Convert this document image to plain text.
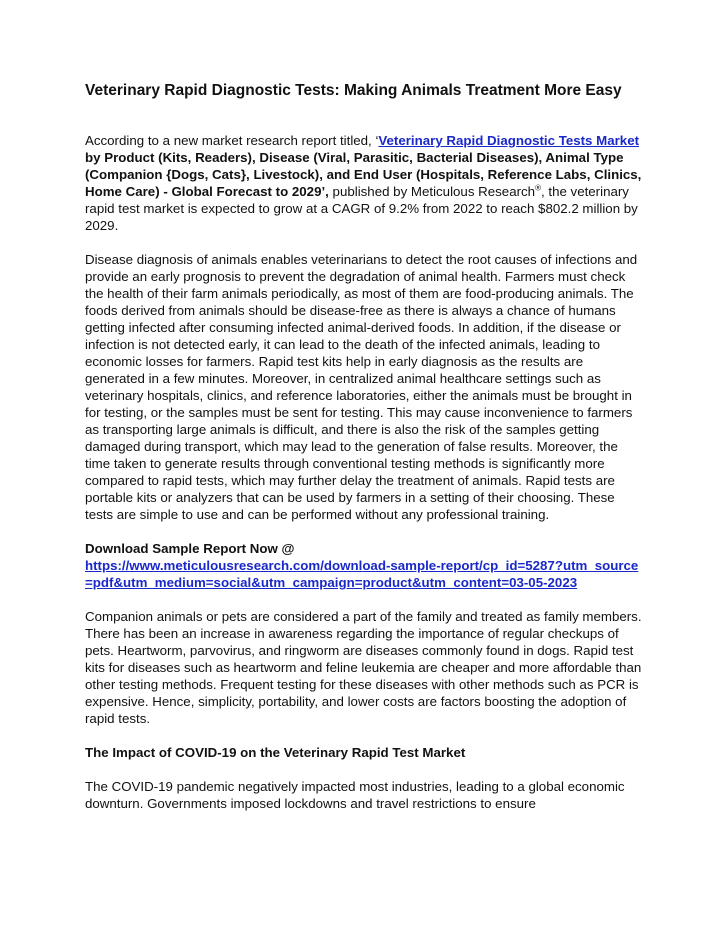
Veterinary Rapid Diagnostic Tests: Making Animals Treatment More Easy

According to a new market research report titled, ‘Veterinary Rapid Diagnostic Tests Market by Product (Kits, Readers), Disease (Viral, Parasitic, Bacterial Diseases), Animal Type (Companion {Dogs, Cats}, Livestock), and End User (Hospitals, Reference Labs, Clinics, Home Care) - Global Forecast to 2029’, published by Meticulous Research®, the veterinary rapid test market is expected to grow at a CAGR of 9.2% from 2022 to reach $802.2 million by 2029.

Disease diagnosis of animals enables veterinarians to detect the root causes of infections and provide an early prognosis to prevent the degradation of animal health. Farmers must check the health of their farm animals periodically, as most of them are food-producing animals. The foods derived from animals should be disease-free as there is always a chance of humans getting infected after consuming infected animal-derived foods. In addition, if the disease or infection is not detected early, it can lead to the death of the infected animals, leading to economic losses for farmers. Rapid test kits help in early diagnosis as the results are generated in a few minutes. Moreover, in centralized animal healthcare settings such as veterinary hospitals, clinics, and reference laboratories, either the animals must be brought in for testing, or the samples must be sent for testing. This may cause inconvenience to farmers as transporting large animals is difficult, and there is also the risk of the samples getting damaged during transport, which may lead to the generation of false results. Moreover, the time taken to generate results through conventional testing methods is significantly more compared to rapid tests, which may further delay the treatment of animals. Rapid tests are portable kits or analyzers that can be used by farmers in a setting of their choosing. These tests are simple to use and can be performed without any professional training.

Download Sample Report Now @
https://www.meticulousresearch.com/download-sample-report/cp_id=5287?utm_source=pdf&utm_medium=social&utm_campaign=product&utm_content=03-05-2023

Companion animals or pets are considered a part of the family and treated as family members. There has been an increase in awareness regarding the importance of regular checkups of pets. Heartworm, parvovirus, and ringworm are diseases commonly found in dogs. Rapid test kits for diseases such as heartworm and feline leukemia are cheaper and more affordable than other testing methods. Frequent testing for these diseases with other methods such as PCR is expensive. Hence, simplicity, portability, and lower costs are factors boosting the adoption of rapid tests.

The Impact of COVID-19 on the Veterinary Rapid Test Market

The COVID-19 pandemic negatively impacted most industries, leading to a global economic downturn. Governments imposed lockdowns and travel restrictions to ensure
